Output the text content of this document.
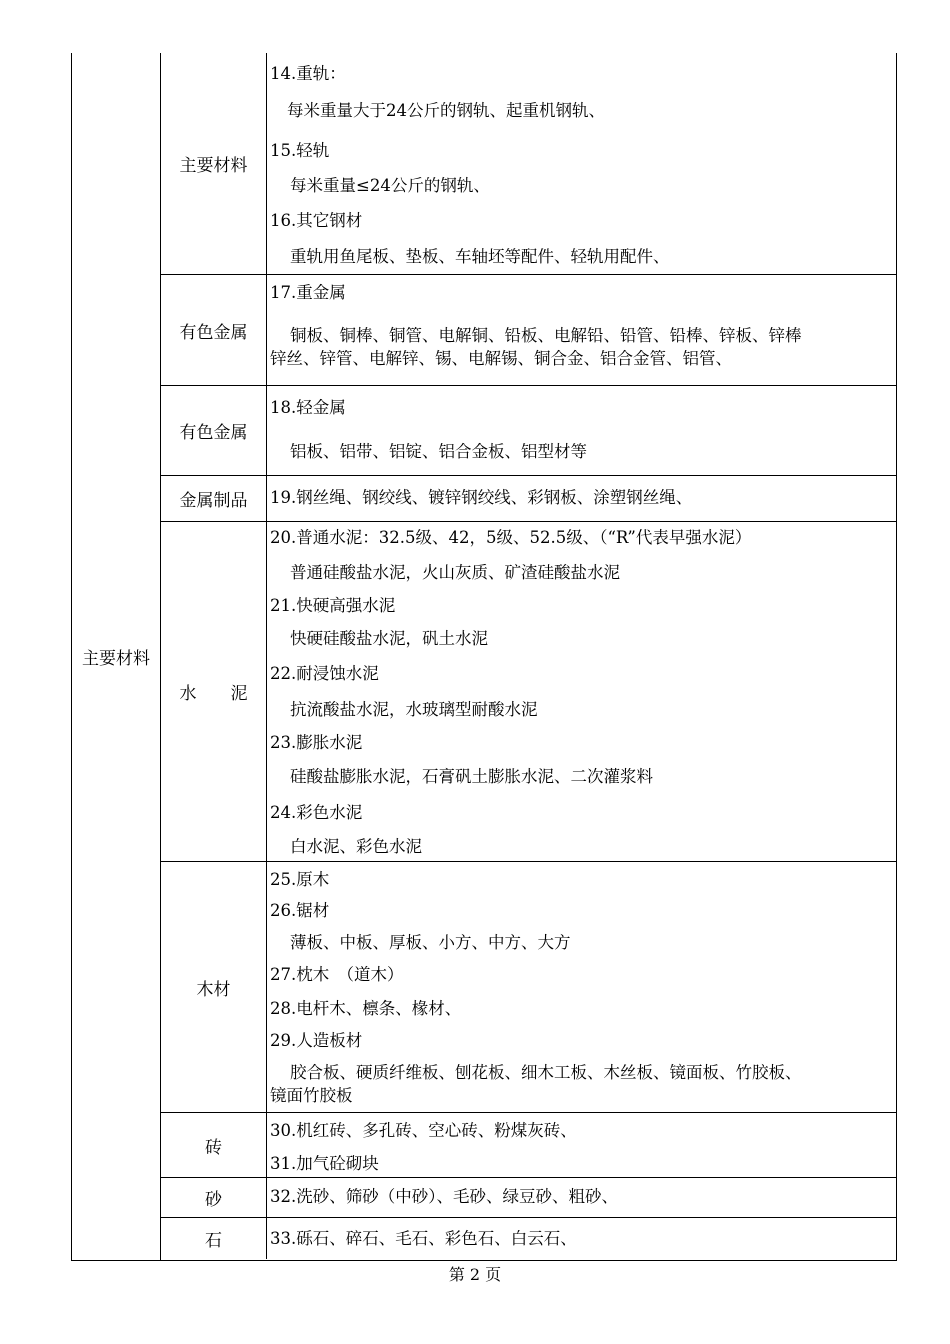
主要材料
主要材料
14.重轨：
每米重量大于24公斤的钢轨、起重机钢轨、
15.轻轨
每米重量≤24公斤的钢轨、
16.其它钢材
重轨用鱼尾板、垫板、车轴坯等配件、轻轨用配件、
有色金属
17.重金属
铜板、铜棒、铜管、电解铜、铅板、电解铅、铅管、铅棒、锌板、锌棒
锌丝、锌管、电解锌、锡、电解锡、铜合金、铝合金管、铝管、
有色金属
18.轻金属
铝板、铝带、铝锭、铝合金板、铝型材等
金属制品 19.钢丝绳、钢绞线、镀锌钢绞线、彩钢板、涂塑钢丝绳、
水　　泥
20.普通水泥：32.5级、42，5级、52.5级、（“R”代表早强水泥）
普通硅酸盐水泥，火山灰质、矿渣硅酸盐水泥
21.快硬高强水泥
快硬硅酸盐水泥，矾土水泥
22.耐浸蚀水泥
抗流酸盐水泥，水玻璃型耐酸水泥
23.膨胀水泥
硅酸盐膨胀水泥，石膏矾土膨胀水泥、二次灌浆料
24.彩色水泥
白水泥、彩色水泥
木材
25.原木
26.锯材
薄板、中板、厚板、小方、中方、大方
27.枕木　（道木）
28.电杆木、檩条、椽材、
29.人造板材
胶合板、硬质纤维板、刨花板、细木工板、木丝板、镜面板、竹胶板、
镜面竹胶板
砖
30.机红砖、多孔砖、空心砖、粉煤灰砖、
31.加气砼砌块
砂	32.洗砂、筛砂（中砂）、毛砂、绿豆砂、粗砂、
石	33.砾石、碎石、毛石、彩色石、白云石、
第 2 页
